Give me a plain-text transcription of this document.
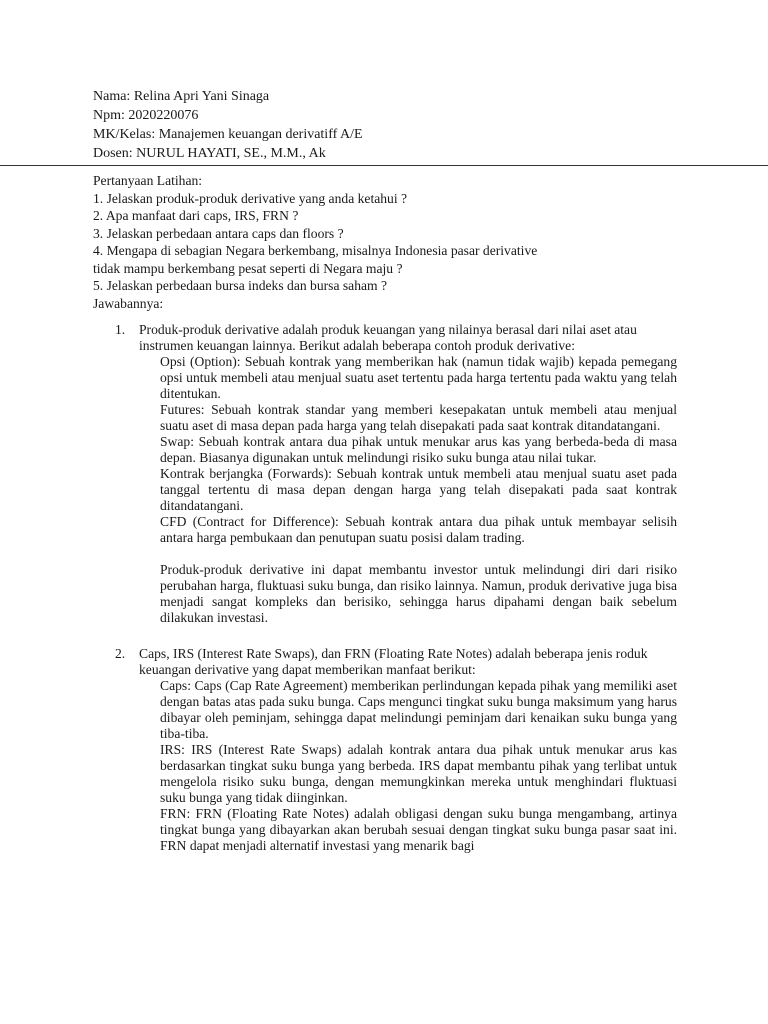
Nama: Relina Apri Yani Sinaga
Npm: 2020220076
MK/Kelas: Manajemen keuangan derivatiff A/E
Dosen: NURUL HAYATI, SE., M.M., Ak
Pertanyaan Latihan:
1. Jelaskan produk-produk derivative yang anda ketahui ?
2. Apa manfaat dari caps, IRS, FRN ?
3. Jelaskan perbedaan antara caps dan floors ?
4. Mengapa di sebagian Negara berkembang, misalnya Indonesia pasar derivative
tidak mampu berkembang pesat seperti di Negara maju ?
5. Jelaskan perbedaan bursa indeks dan bursa saham ?
Jawabannya:
1. Produk-produk derivative adalah produk keuangan yang nilainya berasal dari nilai aset atau instrumen keuangan lainnya. Berikut adalah beberapa contoh produk derivative:

Opsi (Option): Sebuah kontrak yang memberikan hak (namun tidak wajib) kepada pemegang opsi untuk membeli atau menjual suatu aset tertentu pada harga tertentu pada waktu yang telah ditentukan.

Futures: Sebuah kontrak standar yang memberi kesepakatan untuk membeli atau menjual suatu aset di masa depan pada harga yang telah disepakati pada saat kontrak ditandatangani.

Swap: Sebuah kontrak antara dua pihak untuk menukar arus kas yang berbeda-beda di masa depan. Biasanya digunakan untuk melindungi risiko suku bunga atau nilai tukar.

Kontrak berjangka (Forwards): Sebuah kontrak untuk membeli atau menjual suatu aset pada tanggal tertentu di masa depan dengan harga yang telah disepakati pada saat kontrak ditandatangani.

CFD (Contract for Difference): Sebuah kontrak antara dua pihak untuk membayar selisih antara harga pembukaan dan penutupan suatu posisi dalam trading.

Produk-produk derivative ini dapat membantu investor untuk melindungi diri dari risiko perubahan harga, fluktuasi suku bunga, dan risiko lainnya. Namun, produk derivative juga bisa menjadi sangat kompleks dan berisiko, sehingga harus dipahami dengan baik sebelum dilakukan investasi.

2. Caps, IRS (Interest Rate Swaps), dan FRN (Floating Rate Notes) adalah beberapa jenis roduk keuangan derivative yang dapat memberikan manfaat berikut:

Caps: Caps (Cap Rate Agreement) memberikan perlindungan kepada pihak yang memiliki aset dengan batas atas pada suku bunga. Caps mengunci tingkat suku bunga maksimum yang harus dibayar oleh peminjam, sehingga dapat melindungi peminjam dari kenaikan suku bunga yang tiba-tiba.

IRS: IRS (Interest Rate Swaps) adalah kontrak antara dua pihak untuk menukar arus kas berdasarkan tingkat suku bunga yang berbeda. IRS dapat membantu pihak yang terlibat untuk mengelola risiko suku bunga, dengan memungkinkan mereka untuk menghindari fluktuasi suku bunga yang tidak diinginkan.

FRN: FRN (Floating Rate Notes) adalah obligasi dengan suku bunga mengambang, artinya tingkat bunga yang dibayarkan akan berubah sesuai dengan tingkat suku bunga pasar saat ini. FRN dapat menjadi alternatif investasi yang menarik bagi
